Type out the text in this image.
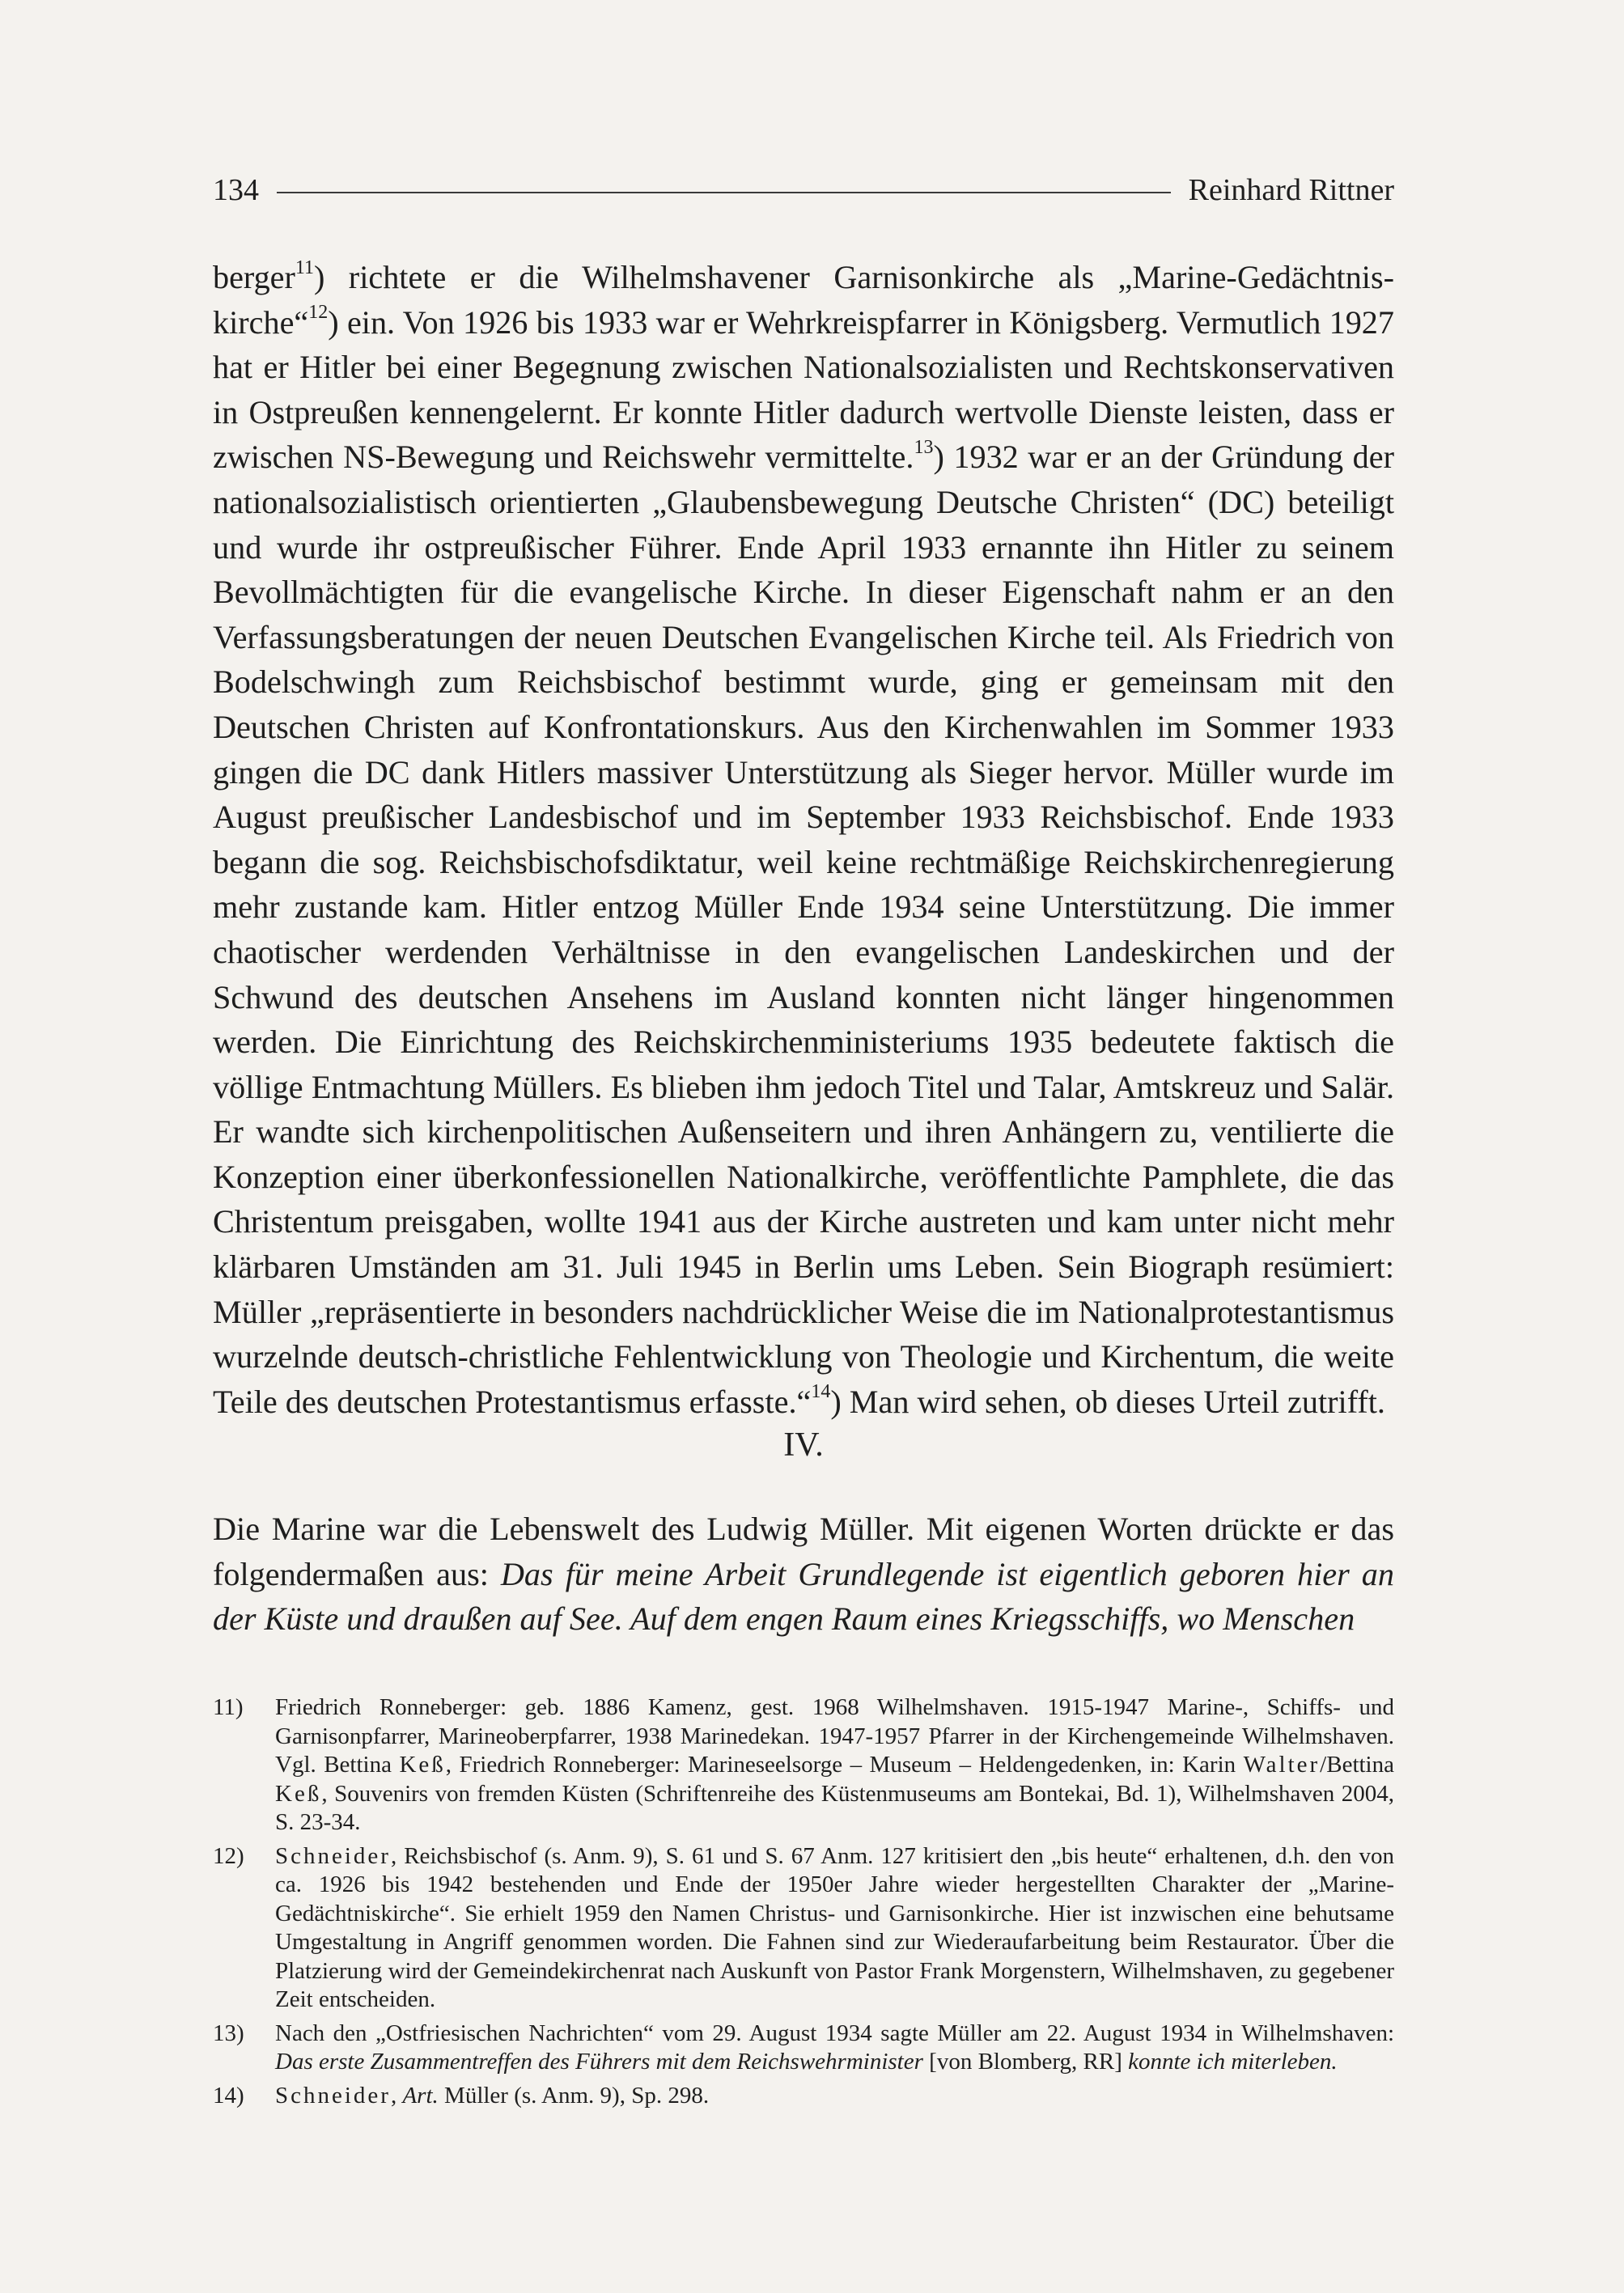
134	Reinhard Rittner

berger$^{11}$) richtete er die Wilhelmshavener Garnisonkirche als „Marine-Gedächtnis-kirche“$^{12}$) ein. Von 1926 bis 1933 war er Wehrkreispfarrer in Königsberg. Vermutlich 1927 hat er Hitler bei einer Begegnung zwischen Nationalsozialisten und Rechtskonservativen in Ostpreußen kennengelernt. Er konnte Hitler dadurch wertvolle Dienste leisten, dass er zwischen NS-Bewegung und Reichswehr vermittelte.$^{13}$) 1932 war er an der Gründung der nationalsozialistisch orientierten „Glaubensbewegung Deutsche Christen“ (DC) beteiligt und wurde ihr ostpreußischer Führer. Ende April 1933 ernannte ihn Hitler zu seinem Bevollmächtigten für die evangelische Kirche. In dieser Eigenschaft nahm er an den Verfassungsberatungen der neuen Deutschen Evangelischen Kirche teil. Als Friedrich von Bodelschwingh zum Reichsbischof bestimmt wurde, ging er gemeinsam mit den Deutschen Christen auf Konfrontationskurs. Aus den Kirchenwahlen im Sommer 1933 gingen die DC dank Hitlers massiver Unterstützung als Sieger hervor. Müller wurde im August preußischer Landesbischof und im September 1933 Reichsbischof. Ende 1933 begann die sog. Reichsbischofsdiktatur, weil keine rechtmäßige Reichskirchenregierung mehr zustande kam. Hitler entzog Müller Ende 1934 seine Unterstützung. Die immer chaotischer werdenden Verhältnisse in den evangelischen Landeskirchen und der Schwund des deutschen Ansehens im Ausland konnten nicht länger hingenommen werden. Die Einrichtung des Reichskirchenministeriums 1935 bedeutete faktisch die völlige Entmachtung Müllers. Es blieben ihm jedoch Titel und Talar, Amtskreuz und Salär. Er wandte sich kirchenpolitischen Außenseitern und ihren Anhängern zu, ventilierte die Konzeption einer überkonfessionellen Nationalkirche, veröffentlichte Pamphlete, die das Christentum preisgaben, wollte 1941 aus der Kirche austreten und kam unter nicht mehr klärbaren Umständen am 31. Juli 1945 in Berlin ums Leben. Sein Biograph resümiert: Müller „repräsentierte in besonders nachdrücklicher Weise die im Nationalprotestantismus wurzelnde deutsch-christliche Fehlentwicklung von Theologie und Kirchentum, die weite Teile des deutschen Protestantismus erfasste.“$^{14}$) Man wird sehen, ob dieses Urteil zutrifft.

IV.

Die Marine war die Lebenswelt des Ludwig Müller. Mit eigenen Worten drückte er das folgendermaßen aus: Das für meine Arbeit Grundlegende ist eigentlich geboren hier an der Küste und draußen auf See. Auf dem engen Raum eines Kriegsschiffs, wo Menschen

11)	Friedrich Ronneberger: geb. 1886 Kamenz, gest. 1968 Wilhelmshaven. 1915-1947 Marine-, Schiffs- und Garnisonpfarrer, Marineoberpfarrer, 1938 Marinedekan. 1947-1957 Pfarrer in der Kirchengemeinde Wilhelmshaven. Vgl. Bettina Keß, Friedrich Ronneberger: Marineseelsorge – Museum – Heldengedenken, in: Karin Walter/Bettina Keß, Souvenirs von fremden Küsten (Schriftenreihe des Küstenmuseums am Bontekai, Bd. 1), Wilhelmshaven 2004, S. 23-34.
12)	Schneider, Reichsbischof (s. Anm. 9), S. 61 und S. 67 Anm. 127 kritisiert den „bis heute“ erhaltenen, d.h. den von ca. 1926 bis 1942 bestehenden und Ende der 1950er Jahre wieder hergestellten Charakter der „Marine-Gedächtniskirche“. Sie erhielt 1959 den Namen Christus- und Garnisonkirche. Hier ist inzwischen eine behutsame Umgestaltung in Angriff genommen worden. Die Fahnen sind zur Wiederaufarbeitung beim Restaurator. Über die Platzierung wird der Gemeindekirchenrat nach Auskunft von Pastor Frank Morgenstern, Wilhelmshaven, zu gegebener Zeit entscheiden.
13)	Nach den „Ostfriesischen Nachrichten“ vom 29. August 1934 sagte Müller am 22. August 1934 in Wilhelmshaven: Das erste Zusammentreffen des Führers mit dem Reichswehrminister [von Blomberg, RR] konnte ich miterleben.
14)	Schneider, Art. Müller (s. Anm. 9), Sp. 298.
